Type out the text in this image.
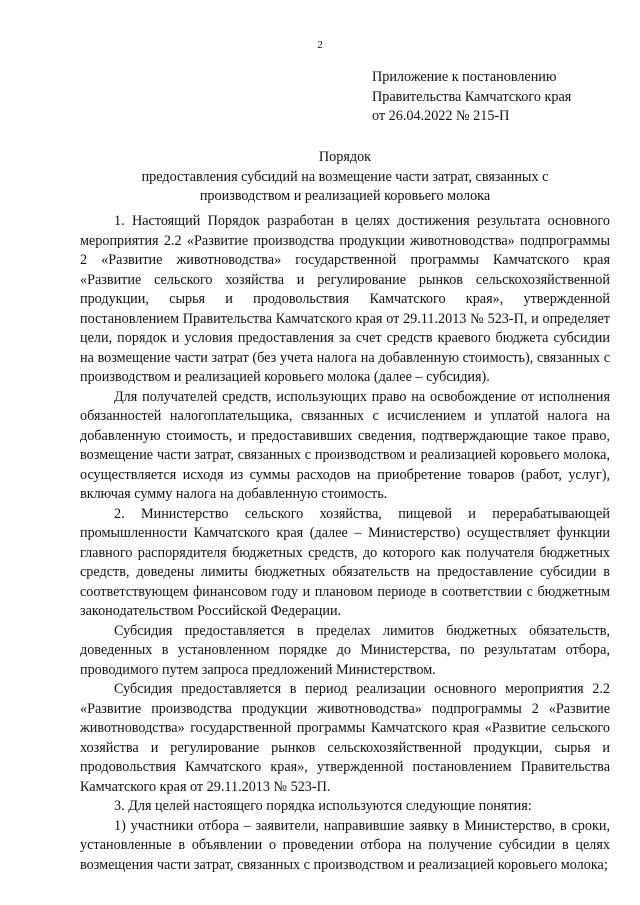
2
Приложение к постановлению
Правительства Камчатского края
от 26.04.2022 № 215-П
Порядок
предоставления субсидий на возмещение части затрат, связанных с
производством и реализацией коровьего молока

1. Настоящий Порядок разработан в целях достижения результата основного мероприятия 2.2 «Развитие производства продукции животноводства» подпрограммы 2 «Развитие животноводства» государственной программы Камчатского края «Развитие сельского хозяйства и регулирование рынков сельскохозяйственной продукции, сырья и продовольствия Камчатского края», утвержденной постановлением Правительства Камчатского края от 29.11.2013 № 523-П, и определяет цели, порядок и условия предоставления за счет средств краевого бюджета субсидии на возмещение части затрат (без учета налога на добавленную стоимость), связанных с производством и реализацией коровьего молока (далее – субсидия).

Для получателей средств, использующих право на освобождение от исполнения обязанностей налогоплательщика, связанных с исчислением и уплатой налога на добавленную стоимость, и предоставивших сведения, подтверждающие такое право, возмещение части затрат, связанных с производством и реализацией коровьего молока, осуществляется исходя из суммы расходов на приобретение товаров (работ, услуг), включая сумму налога на добавленную стоимость.

2. Министерство сельского хозяйства, пищевой и перерабатывающей промышленности Камчатского края (далее – Министерство) осуществляет функции главного распорядителя бюджетных средств, до которого как получателя бюджетных средств, доведены лимиты бюджетных обязательств на предоставление субсидии в соответствующем финансовом году и плановом периоде в соответствии с бюджетным законодательством Российской Федерации.

Субсидия предоставляется в пределах лимитов бюджетных обязательств, доведенных в установленном порядке до Министерства, по результатам отбора, проводимого путем запроса предложений Министерством.

Субсидия предоставляется в период реализации основного мероприятия 2.2 «Развитие производства продукции животноводства» подпрограммы 2 «Развитие животноводства» государственной программы Камчатского края «Развитие сельского хозяйства и регулирование рынков сельскохозяйственной продукции, сырья и продовольствия Камчатского края», утвержденной постановлением Правительства Камчатского края от 29.11.2013 № 523-П.

3. Для целей настоящего порядка используются следующие понятия:

1) участники отбора – заявители, направившие заявку в Министерство, в сроки, установленные в объявлении о проведении отбора на получение субсидии в целях возмещения части затрат, связанных с производством и реализацией коровьего молока;
